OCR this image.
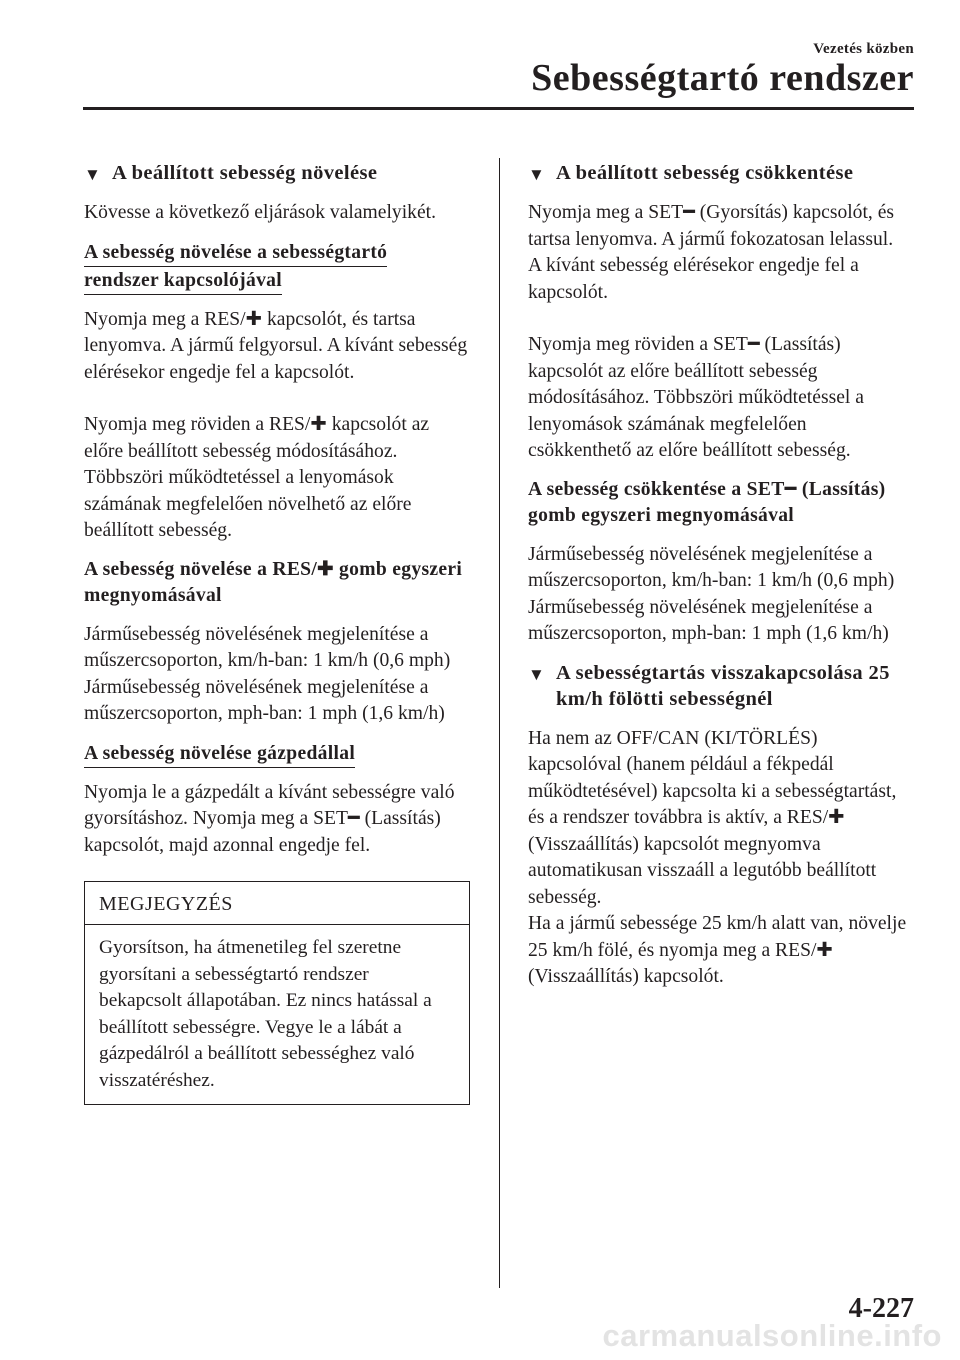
Vezetés közben
Sebességtartó rendszer
▼ A beállított sebesség növelése

Kövesse a következő eljárások valamelyikét.

A sebesség növelése a sebességtartó
rendszer kapcsolójával

Nyomja meg a RES/✚ kapcsolót, és tartsa lenyomva. A jármű felgyorsul. A kívánt sebesség elérésekor engedje fel a kapcsolót.

Nyomja meg röviden a RES/✚ kapcsolót az előre beállított sebesség módosításához. Többszöri működtetéssel a lenyomások számának megfelelően növelhető az előre beállított sebesség.

A sebesség növelése a RES/✚ gomb egyszeri megnyomásával

Járműsebesség növelésének megjelenítése a műszercsoporton, km/h-ban: 1 km/h (0,6 mph)

Járműsebesség növelésének megjelenítése a műszercsoporton, mph-ban: 1 mph (1,6 km/h)

A sebesség növelése gázpedállal

Nyomja le a gázpedált a kívánt sebességre való gyorsításhoz. Nyomja meg a SET━ (Lassítás) kapcsolót, majd azonnal engedje fel.

MEGJEGYZÉS
Gyorsítson, ha átmenetileg fel szeretne gyorsítani a sebességtartó rendszer bekapcsolt állapotában. Ez nincs hatással a beállított sebességre. Vegye le a lábát a gázpedálról a beállított sebességhez való visszatéréshez.
▼ A beállított sebesség csökkentése

Nyomja meg a SET━ (Gyorsítás) kapcsolót, és tartsa lenyomva. A jármű fokozatosan lelassul.

A kívánt sebesség elérésekor engedje fel a kapcsolót.

Nyomja meg röviden a SET━ (Lassítás) kapcsolót az előre beállított sebesség módosításához. Többszöri működtetéssel a lenyomások számának megfelelően csökkenthető az előre beállított sebesség.

A sebesség csökkentése a SET━ (Lassítás) gomb egyszeri megnyomásával

Járműsebesség növelésének megjelenítése a műszercsoporton, km/h-ban: 1 km/h (0,6 mph)

Járműsebesség növelésének megjelenítése a műszercsoporton, mph-ban: 1 mph (1,6 km/h)

▼ A sebességtartás visszakapcsolása 25 km/h fölötti sebességnél

Ha nem az OFF/CAN (KI/TÖRLÉS) kapcsolóval (hanem például a fékpedál működtetésével) kapcsolta ki a sebességtartást, és a rendszer továbbra is aktív, a RES/✚ (Visszaállítás) kapcsolót megnyomva automatikusan visszaáll a legutóbb beállított sebesség.

Ha a jármű sebessége 25 km/h alatt van, növelje 25 km/h fölé, és nyomja meg a RES/✚ (Visszaállítás) kapcsolót.

4-227
carmanualsonline.info
